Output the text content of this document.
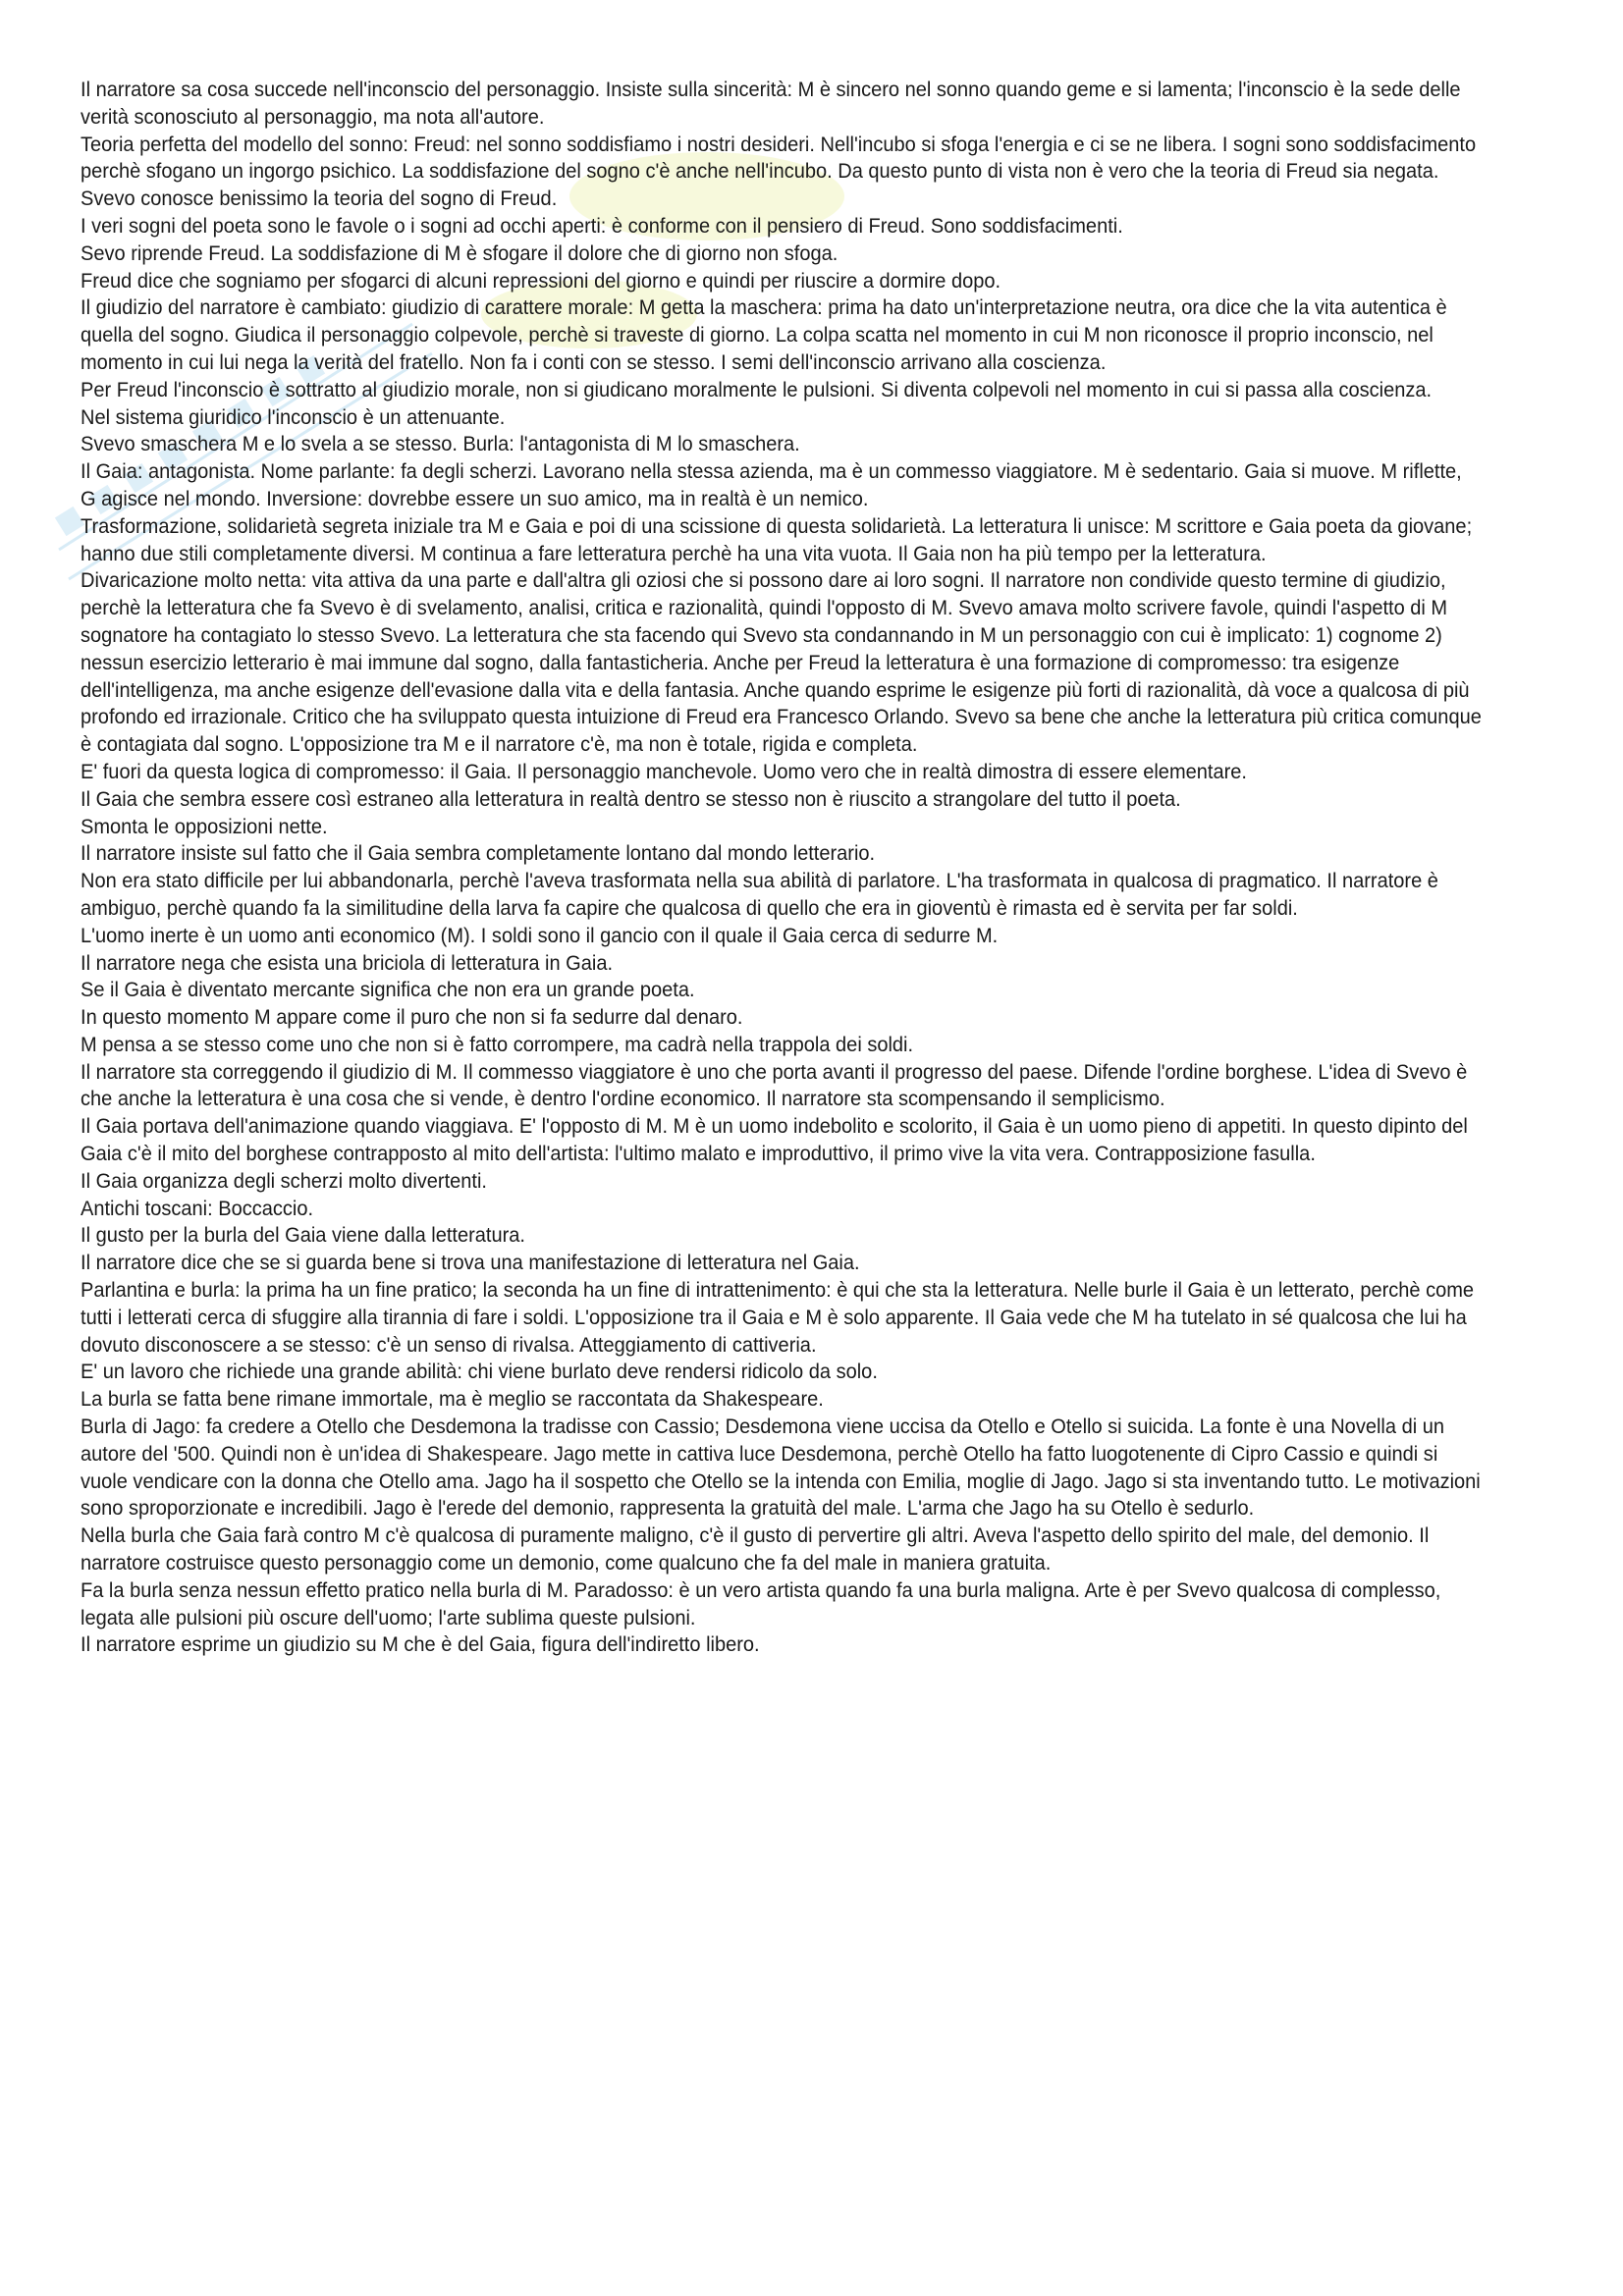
Il narratore sa cosa succede nell'inconscio del personaggio. Insiste sulla sincerità: M è sincero nel sonno quando geme e si lamenta; l'inconscio è la sede delle verità sconosciuto al personaggio, ma nota all'autore.

Teoria perfetta del modello del sonno: Freud: nel sonno soddisfiamo i nostri desideri. Nell'incubo si sfoga l'energia e ci se ne libera. I sogni sono soddisfacimento perchè sfogano un ingorgo psichico. La soddisfazione del sogno c'è anche nell'incubo. Da questo punto di vista non è vero che la teoria di Freud sia negata. Svevo conosce benissimo la teoria del sogno di Freud.

I veri sogni del poeta sono le favole o i sogni ad occhi aperti: è conforme con il pensiero di Freud. Sono soddisfacimenti.

Sevo riprende Freud. La soddisfazione di M è sfogare il dolore che di giorno non sfoga.

Freud dice che sogniamo per sfogarci di alcuni repressioni del giorno e quindi per riuscire a dormire dopo.

Il giudizio del narratore è cambiato: giudizio di carattere morale: M getta la maschera: prima ha dato un'interpretazione neutra, ora dice che la vita autentica è quella del sogno. Giudica il personaggio colpevole, perchè si traveste di giorno. La colpa scatta nel momento in cui M non riconosce il proprio inconscio, nel momento in cui lui nega la verità del fratello. Non fa i conti con se stesso. I semi dell'inconscio arrivano alla coscienza.

Per Freud l'inconscio è sottratto al giudizio morale, non si giudicano moralmente le pulsioni. Si diventa colpevoli nel momento in cui si passa alla coscienza.

Nel sistema giuridico l'inconscio è un attenuante.

Svevo smaschera M e lo svela a se stesso. Burla: l'antagonista di M lo smaschera.

Il Gaia: antagonista. Nome parlante: fa degli scherzi. Lavorano nella stessa azienda, ma è un commesso viaggiatore. M è sedentario. Gaia si muove. M riflette, G agisce nel mondo. Inversione: dovrebbe essere un suo amico, ma in realtà è un nemico.

Trasformazione, solidarietà segreta iniziale tra M e Gaia e poi di una scissione di questa solidarietà. La letteratura li unisce: M scrittore e Gaia poeta da giovane; hanno due stili completamente diversi. M continua a fare letteratura perchè ha una vita vuota. Il Gaia non ha più tempo per la letteratura.

Divaricazione molto netta: vita attiva da una parte e dall'altra gli oziosi che si possono dare ai loro sogni. Il narratore non condivide questo termine di giudizio, perchè la letteratura che fa Svevo è di svelamento, analisi, critica e razionalità, quindi l'opposto di M. Svevo amava molto scrivere favole, quindi l'aspetto di M sognatore ha contagiato lo stesso Svevo. La letteratura che sta facendo qui Svevo sta condannando in M un personaggio con cui è implicato: 1) cognome 2) nessun esercizio letterario è mai immune dal sogno, dalla fantasticheria. Anche per Freud la letteratura è una formazione di compromesso: tra esigenze dell'intelligenza, ma anche esigenze dell'evasione dalla vita e della fantasia. Anche quando esprime le esigenze più forti di razionalità, dà voce a qualcosa di più profondo ed irrazionale. Critico che ha sviluppato questa intuizione di Freud era Francesco Orlando. Svevo sa bene che anche la letteratura più critica comunque è contagiata dal sogno. L'opposizione tra M e il narratore c'è, ma non è totale, rigida e completa.

E' fuori da questa logica di compromesso: il Gaia. Il personaggio manchevole. Uomo vero che in realtà dimostra di essere elementare.

Il Gaia che sembra essere così estraneo alla letteratura in realtà dentro se stesso non è riuscito a strangolare del tutto il poeta.

Smonta le opposizioni nette.

Il narratore insiste sul fatto che il Gaia sembra completamente lontano dal mondo letterario.

Non era stato difficile per lui abbandonarla, perchè l'aveva trasformata nella sua abilità di parlatore. L'ha trasformata in qualcosa di pragmatico. Il narratore è ambiguo, perchè quando fa la similitudine della larva fa capire che qualcosa di quello che era in gioventù è rimasta ed è servita per far soldi.

L'uomo inerte è un uomo anti economico (M). I soldi sono il gancio con il quale il Gaia cerca di sedurre M.

Il narratore nega che esista una briciola di letteratura in Gaia.

Se il Gaia è diventato mercante significa che non era un grande poeta.

In questo momento M appare come il puro che non si fa sedurre dal denaro.

M pensa a se stesso come uno che non si è fatto corrompere, ma cadrà nella trappola dei soldi.

Il narratore sta correggendo il giudizio di M. Il commesso viaggiatore è uno che porta avanti il progresso del paese. Difende l'ordine borghese. L'idea di Svevo è che anche la letteratura è una cosa che si vende, è dentro l'ordine economico. Il narratore sta scompensando il semplicismo.

Il Gaia portava dell'animazione quando viaggiava. E' l'opposto di M. M è un uomo indebolito e scolorito, il Gaia è un uomo pieno di appetiti. In questo dipinto del Gaia c'è il mito del borghese contrapposto al mito dell'artista: l'ultimo malato e improduttivo, il primo vive la vita vera. Contrapposizione fasulla.

Il Gaia organizza degli scherzi molto divertenti.

Antichi toscani: Boccaccio.

Il gusto per la burla del Gaia viene dalla letteratura.

Il narratore dice che se si guarda bene si trova una manifestazione di letteratura nel Gaia.

Parlantina e burla: la prima ha un fine pratico; la seconda ha un fine di intrattenimento: è qui che sta la letteratura. Nelle burle il Gaia è un letterato, perchè come tutti i letterati cerca di sfuggire alla tirannia di fare i soldi. L'opposizione tra il Gaia e M è solo apparente. Il Gaia vede che M ha tutelato in sé qualcosa che lui ha dovuto disconoscere a se stesso: c'è un senso di rivalsa. Atteggiamento di cattiveria.

E' un lavoro che richiede una grande abilità: chi viene burlato deve rendersi ridicolo da solo.

La burla se fatta bene rimane immortale, ma è meglio se raccontata da Shakespeare.

Burla di Jago: fa credere a Otello che Desdemona la tradisse con Cassio; Desdemona viene uccisa da Otello e Otello si suicida. La fonte è una Novella di un autore del '500. Quindi non è un'idea di Shakespeare. Jago mette in cattiva luce Desdemona, perchè Otello ha fatto luogotenente di Cipro Cassio e quindi si vuole vendicare con la donna che Otello ama. Jago ha il sospetto che Otello se la intenda con Emilia, moglie di Jago. Jago si sta inventando tutto. Le motivazioni sono sproporzionate e incredibili. Jago è l'erede del demonio, rappresenta la gratuità del male. L'arma che Jago ha su Otello è sedurlo.

Nella burla che Gaia farà contro M c'è qualcosa di puramente maligno, c'è il gusto di pervertire gli altri. Aveva l'aspetto dello spirito del male, del demonio. Il narratore costruisce questo personaggio come un demonio, come qualcuno che fa del male in maniera gratuita.

Fa la burla senza nessun effetto pratico nella burla di M. Paradosso: è un vero artista quando fa una burla maligna. Arte è per Svevo qualcosa di complesso, legata alle pulsioni più oscure dell'uomo; l'arte sublima queste pulsioni.

Il narratore esprime un giudizio su M che è del Gaia, figura dell'indiretto libero.
